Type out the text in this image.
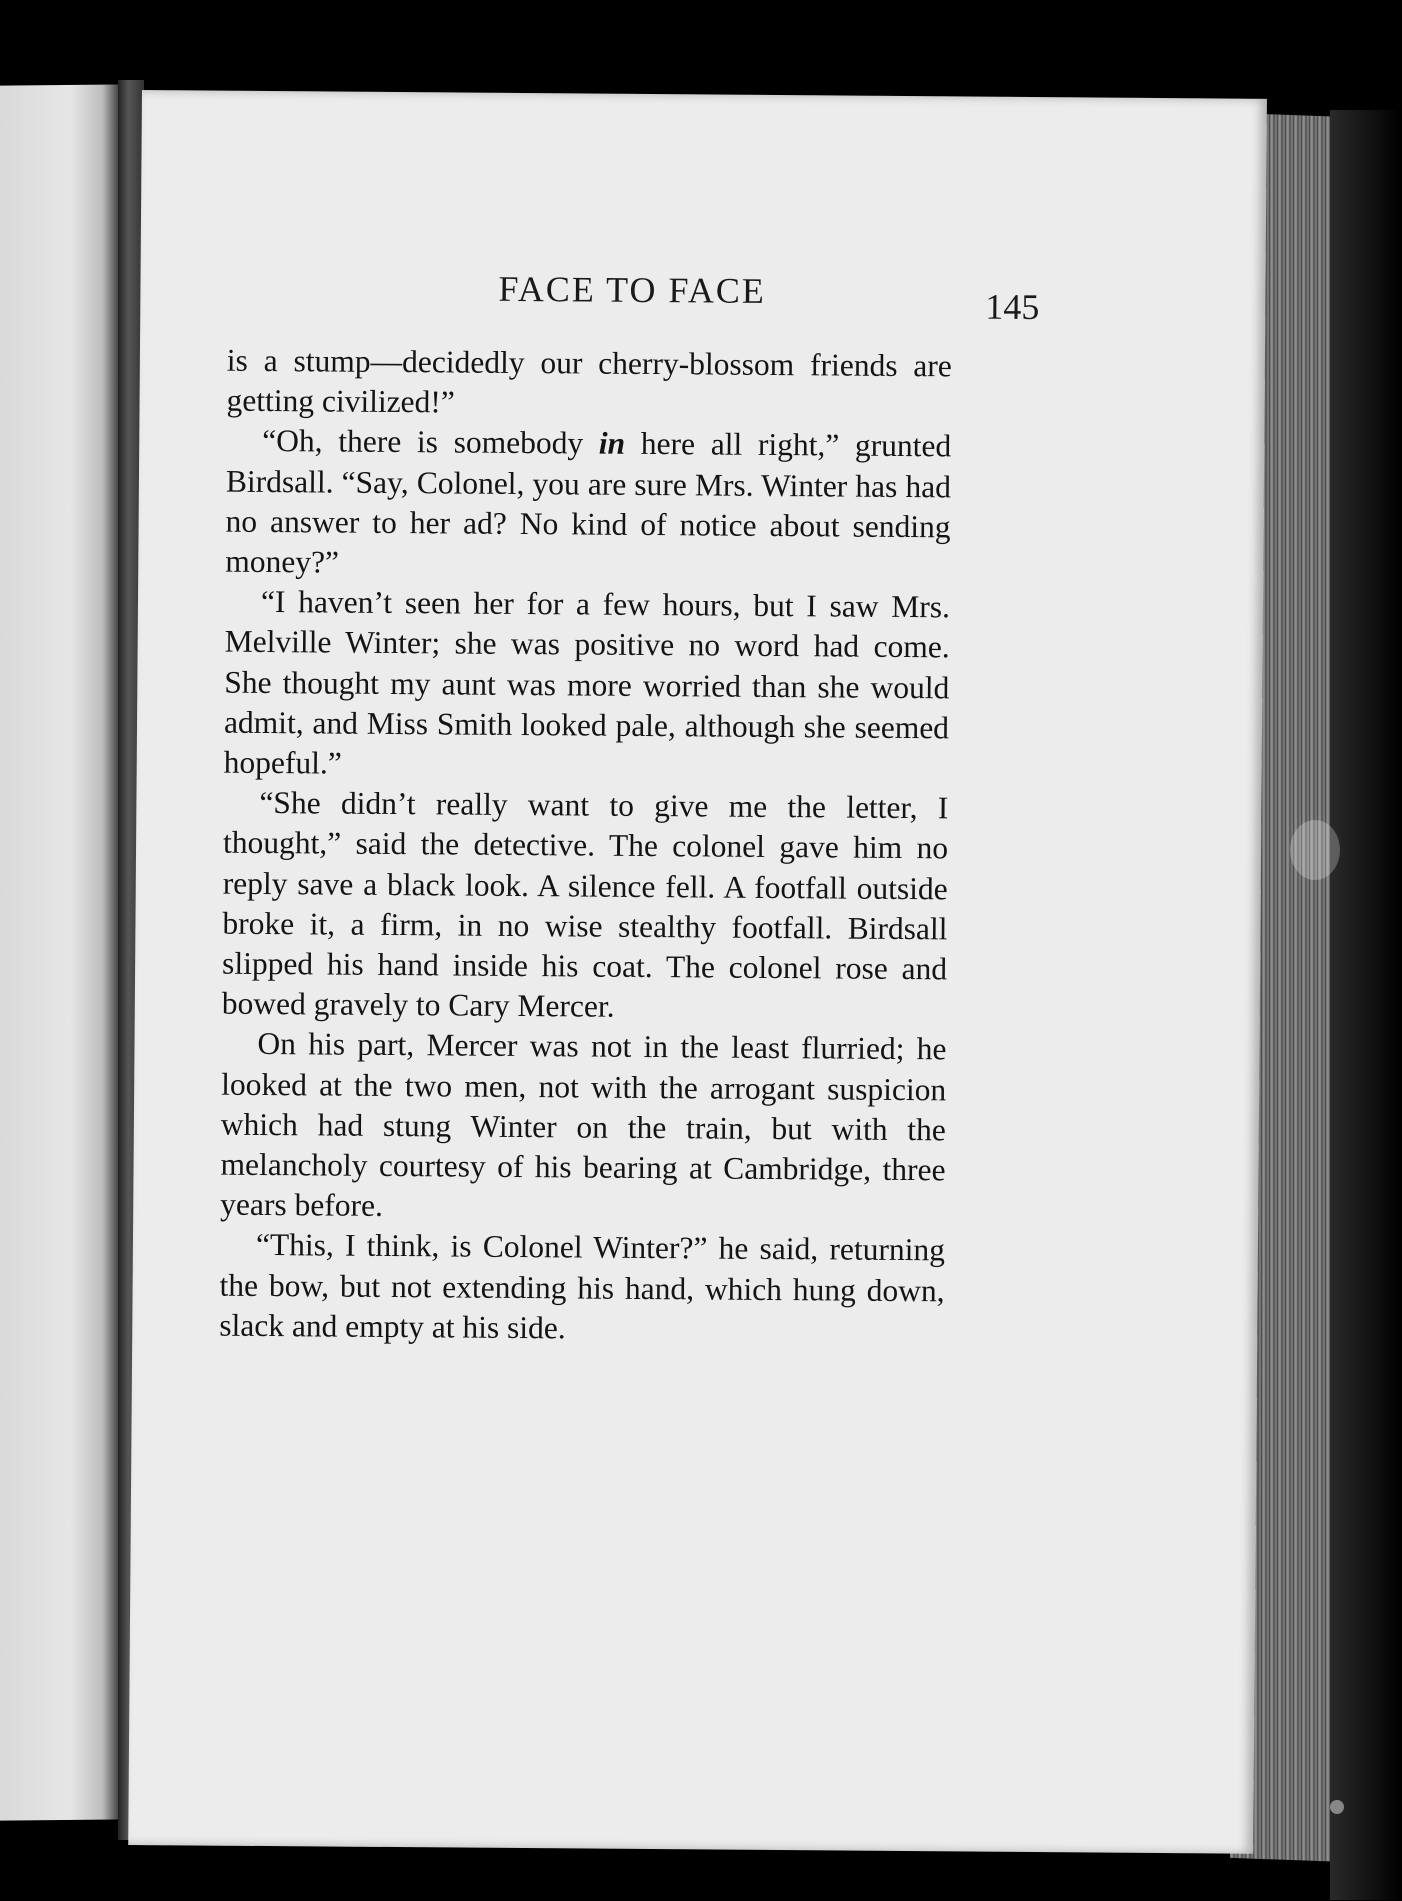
FACE TO FACE	145

is a stump—decidedly our cherry-blossom friends are getting civilized!”

“Oh, there is somebody in here all right,” grunted Birdsall. “Say, Colonel, you are sure Mrs. Winter has had no answer to her ad? No kind of notice about sending money?”

“I haven’t seen her for a few hours, but I saw Mrs. Melville Winter; she was positive no word had come. She thought my aunt was more worried than she would admit, and Miss Smith looked pale, although she seemed hopeful.”

“She didn’t really want to give me the letter, I thought,” said the detective. The colonel gave him no reply save a black look. A silence fell. A footfall outside broke it, a firm, in no wise stealthy footfall. Birdsall slipped his hand inside his coat. The colonel rose and bowed gravely to Cary Mercer.

On his part, Mercer was not in the least flurried; he looked at the two men, not with the arrogant suspicion which had stung Winter on the train, but with the melancholy courtesy of his bearing at Cambridge, three years before.

“This, I think, is Colonel Winter?” he said, returning the bow, but not extending his hand, which hung down, slack and empty at his side.
